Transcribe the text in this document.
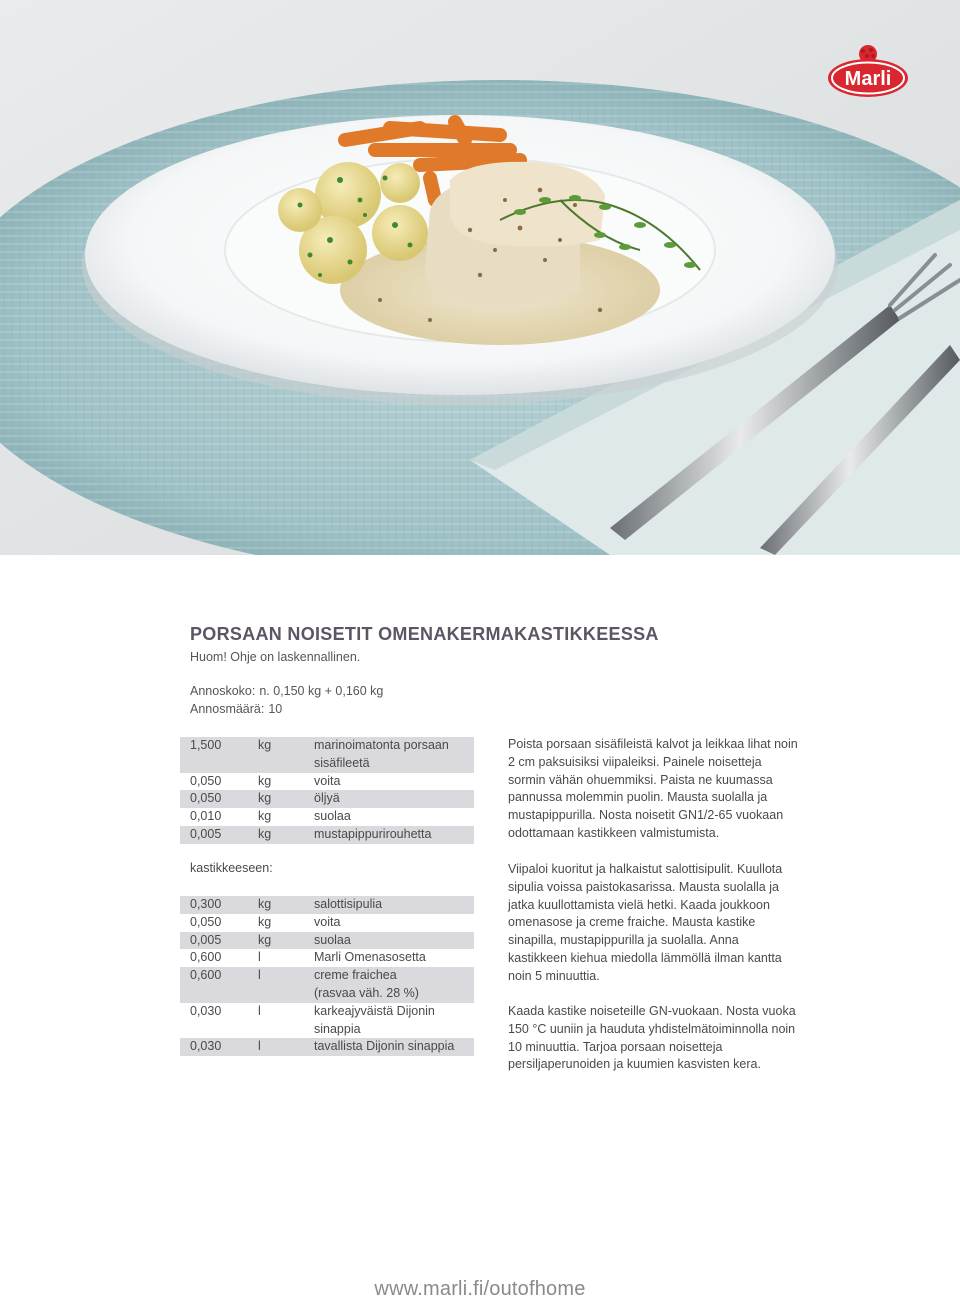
Marli
PORSAAN NOISETIT OMENAKERMAKASTIKKEESSA
Huom! Ohje on laskennallinen.
Annoskoko: n. 0,150 kg + 0,160 kg
Annosmäärä: 10
1,500	kg	marinoimatonta porsaan
sisäfileetä
0,050	kg	voita
0,050	kg	öljyä
0,010	kg	suolaa
0,005	kg	mustapippurirouhetta
kastikkeeseen:
0,300	kg	salottisipulia
0,050	kg	voita
0,005	kg	suolaa
0,600	l	Marli Omenasosetta
0,600	l	creme fraichea
(rasvaa väh. 28 %)
0,030	l	karkeajyväistä Dijonin
sinappia
0,030	l	tavallista Dijonin sinappia

Poista porsaan sisäfileistä kalvot ja leikkaa lihat noin 2 cm paksuisiksi viipaleiksi. Painele noisetteja sormin vähän ohuemmiksi. Paista ne kuumassa pannussa molemmin puolin. Mausta suolalla ja mustapippurilla. Nosta noisetit GN1/2-65 vuokaan odottamaan kastikkeen valmistumista.

Viipaloi kuoritut ja halkaistut salottisipulit. Kuullota sipulia voissa paistokasarissa. Mausta suolalla ja jatka kuullottamista vielä hetki. Kaada joukkoon omenasose ja creme fraiche. Mausta kastike sinapilla, mustapippurilla ja suolalla. Anna kastikkeen kiehua miedolla lämmöllä ilman kantta noin 5 minuuttia.

Kaada kastike noiseteille GN-vuokaan. Nosta vuoka 150 °C uuniin ja hauduta yhdistelmätoiminnolla noin 10 minuuttia. Tarjoa porsaan noisetteja persiljaperunoiden ja kuumien kasvisten kera.

www.marli.fi/outofhome
